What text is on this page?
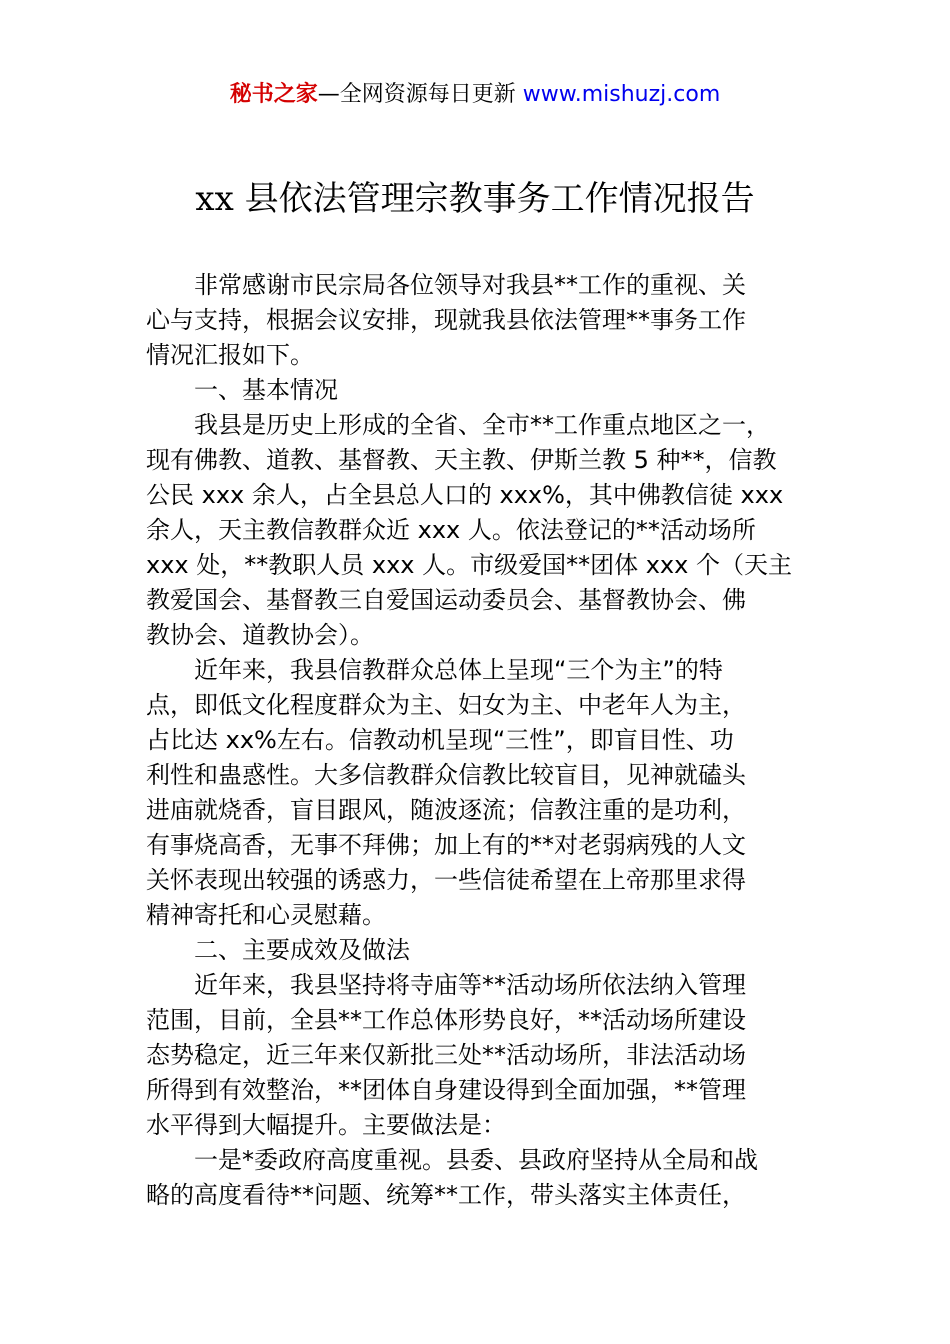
秘书之家—全网资源每日更新 www.mishuzj.com
xx 县依法管理宗教事务工作情况报告
非常感谢市民宗局各位领导对我县**工作的重视、关
心与支持，根据会议安排，现就我县依法管理**事务工作
情况汇报如下。
一、基本情况
我县是历史上形成的全省、全市**工作重点地区之一，
现有佛教、道教、基督教、天主教、伊斯兰教 5 种**，信教
公民 xxx 余人，占全县总人口的 xxx%，其中佛教信徒 xxx
余人，天主教信教群众近 xxx 人。依法登记的**活动场所
xxx 处，**教职人员 xxx 人。市级爱国**团体 xxx 个（天主
教爱国会、基督教三自爱国运动委员会、基督教协会、佛
教协会、道教协会）。
近年来，我县信教群众总体上呈现“三个为主”的特
点，即低文化程度群众为主、妇女为主、中老年人为主，
占比达 xx%左右。信教动机呈现“三性”，即盲目性、功
利性和蛊惑性。大多信教群众信教比较盲目，见神就磕头
进庙就烧香，盲目跟风，随波逐流；信教注重的是功利，
有事烧高香，无事不拜佛；加上有的**对老弱病残的人文
关怀表现出较强的诱惑力，一些信徒希望在上帝那里求得
精神寄托和心灵慰藉。
二、主要成效及做法
近年来，我县坚持将寺庙等**活动场所依法纳入管理
范围，目前，全县**工作总体形势良好，**活动场所建设
态势稳定，近三年来仅新批三处**活动场所，非法活动场
所得到有效整治，**团体自身建设得到全面加强，**管理
水平得到大幅提升。主要做法是：
一是*委政府高度重视。县委、县政府坚持从全局和战
略的高度看待**问题、统筹**工作，带头落实主体责任，
